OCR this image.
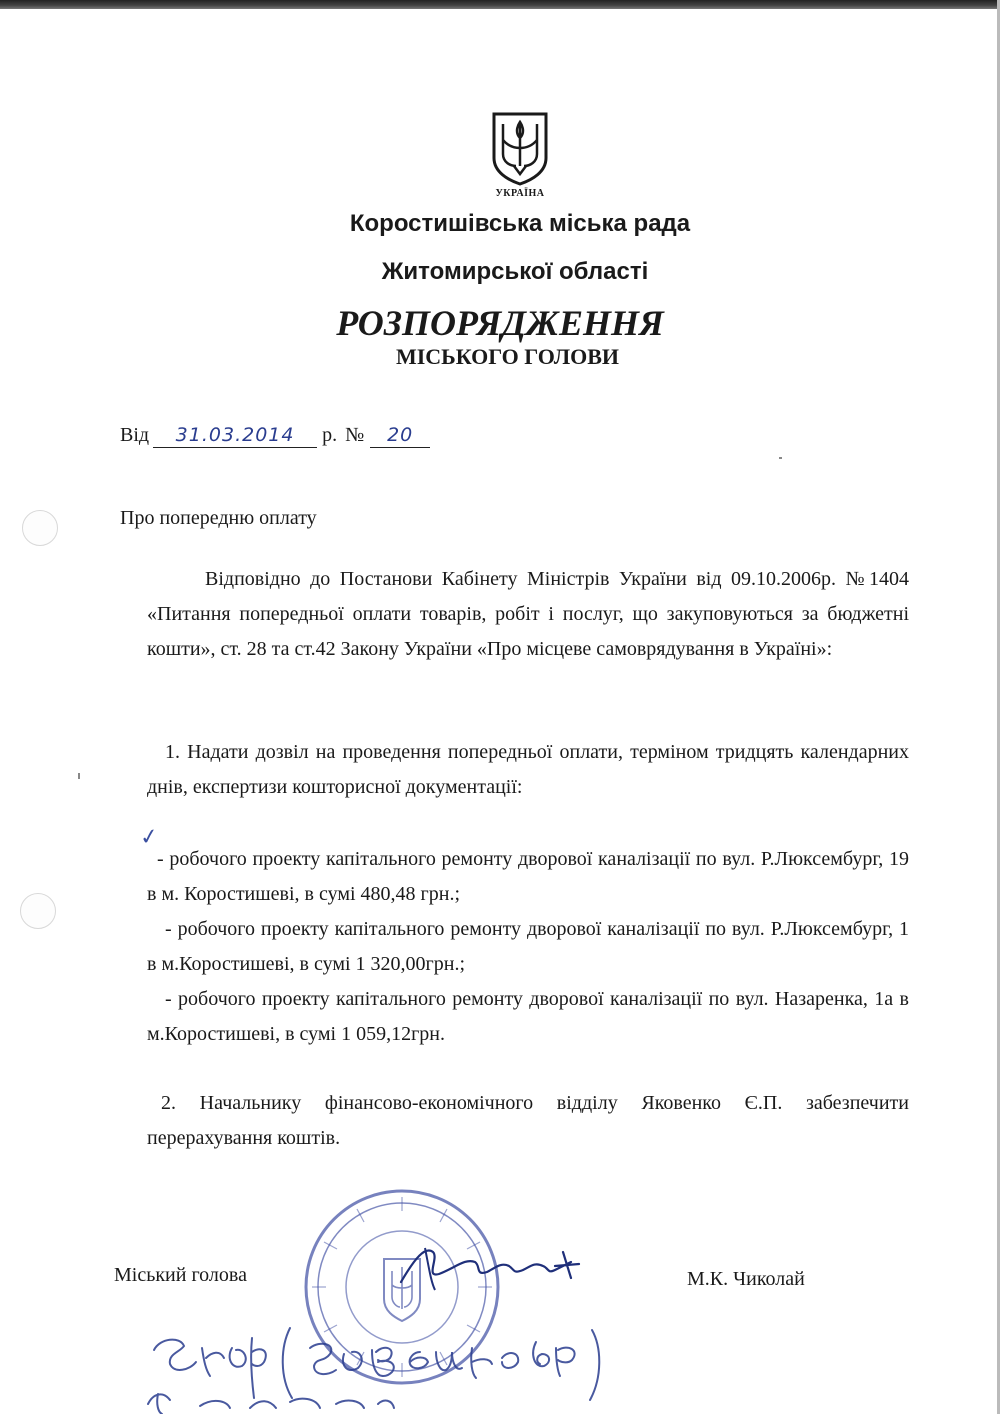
УКРАЇНА
Коростишівська міська рада
Житомирської області
РОЗПОРЯДЖЕННЯ
МІСЬКОГО ГОЛОВИ
Від 31.03.2014 р. № 20
Про попередню оплату
Відповідно до Постанови Кабінету Міністрів України від 09.10.2006р. №1404 «Питання попередньої оплати товарів, робіт і послуг, що закуповуються за бюджетні кошти», ст. 28 та ст.42 Закону України «Про місцеве самоврядування в Україні»:
1. Надати дозвіл на проведення попередньої оплати, терміном тридцять календарних днів, експертизи кошторисної документації:
✓
- робочого проекту капітального ремонту дворової каналізації по вул. Р.Люксембург, 19 в м. Коростишеві, в сумі 480,48 грн.;
- робочого проекту капітального ремонту дворової каналізації по вул. Р.Люксембург, 1 в м.Коростишеві, в сумі 1 320,00грн.;
- робочого проекту капітального ремонту дворової каналізації по вул. Назаренка, 1а в м.Коростишеві, в сумі 1 059,12грн.
2. Начальнику фінансово-економічного відділу Яковенко Є.П. забезпечити перерахування коштів.
Міський голова	М.К. Чиколай
